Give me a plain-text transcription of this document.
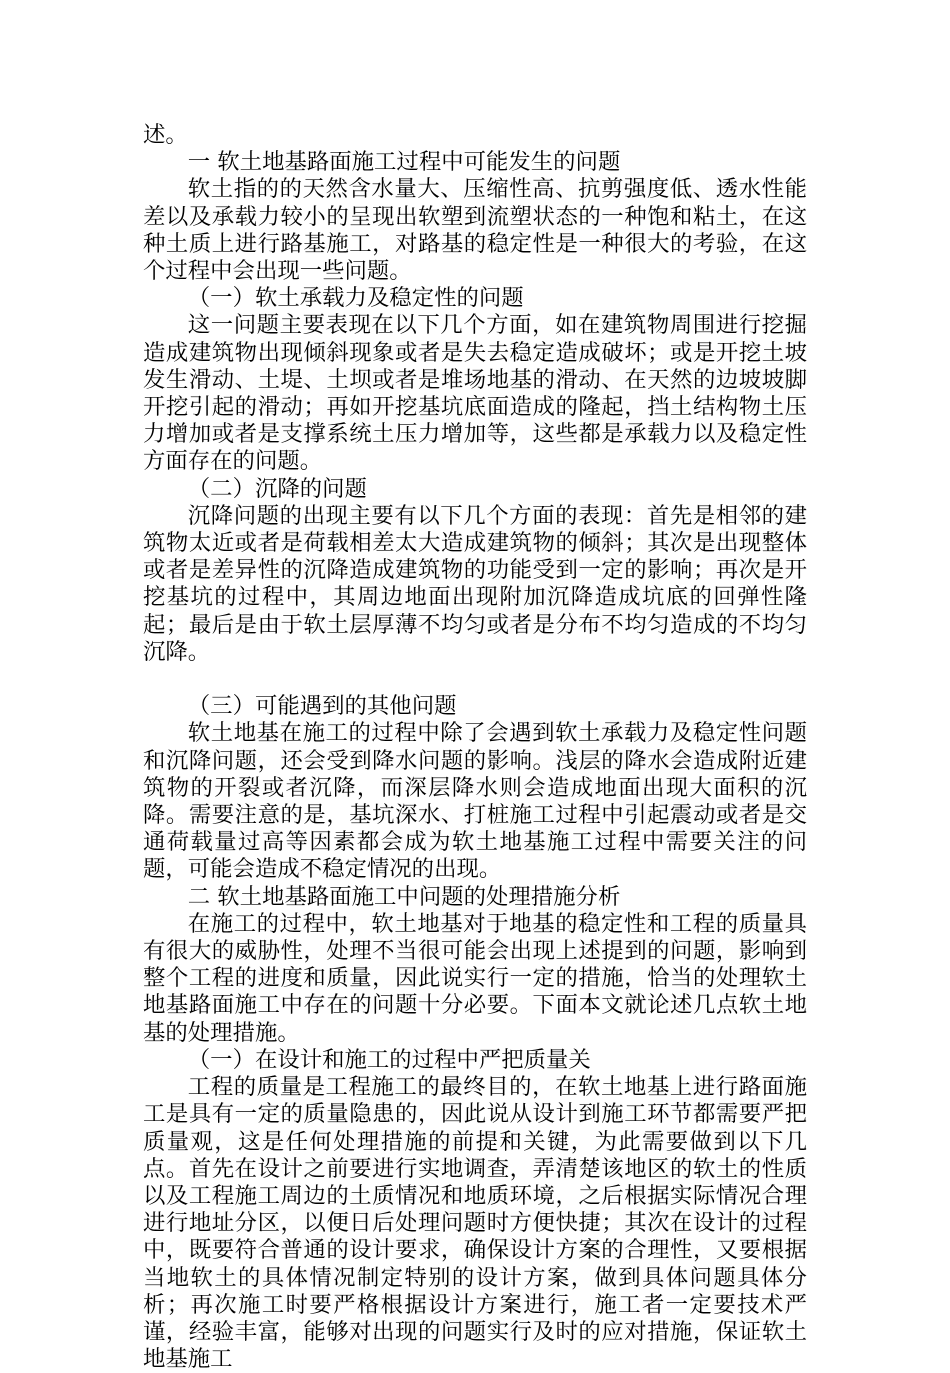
述。

一 软土地基路面施工过程中可能发生的问题

软土指的的天然含水量大、压缩性高、抗剪强度低、透水性能差以及承载力较小的呈现出软塑到流塑状态的一种饱和粘土，在这种土质上进行路基施工，对路基的稳定性是一种很大的考验，在这个过程中会出现一些问题。

（一）软土承载力及稳定性的问题

这一问题主要表现在以下几个方面，如在建筑物周围进行挖掘造成建筑物出现倾斜现象或者是失去稳定造成破坏；或是开挖土坡发生滑动、土堤、土坝或者是堆场地基的滑动、在天然的边坡坡脚开挖引起的滑动；再如开挖基坑底面造成的隆起，挡土结构物土压力增加或者是支撑系统土压力增加等，这些都是承载力以及稳定性方面存在的问题。

（二）沉降的问题

沉降问题的出现主要有以下几个方面的表现：首先是相邻的建筑物太近或者是荷载相差太大造成建筑物的倾斜；其次是出现整体或者是差异性的沉降造成建筑物的功能受到一定的影响；再次是开挖基坑的过程中，其周边地面出现附加沉降造成坑底的回弹性隆起；最后是由于软土层厚薄不均匀或者是分布不均匀造成的不均匀沉降。

（三）可能遇到的其他问题

软土地基在施工的过程中除了会遇到软土承载力及稳定性问题和沉降问题，还会受到降水问题的影响。浅层的降水会造成附近建筑物的开裂或者沉降，而深层降水则会造成地面出现大面积的沉降。需要注意的是，基坑深水、打桩施工过程中引起震动或者是交通荷载量过高等因素都会成为软土地基施工过程中需要关注的问题，可能会造成不稳定情况的出现。

二 软土地基路面施工中问题的处理措施分析

在施工的过程中，软土地基对于地基的稳定性和工程的质量具有很大的威胁性，处理不当很可能会出现上述提到的问题，影响到整个工程的进度和质量，因此说实行一定的措施，恰当的处理软土地基路面施工中存在的问题十分必要。下面本文就论述几点软土地基的处理措施。

（一）在设计和施工的过程中严把质量关

工程的质量是工程施工的最终目的，在软土地基上进行路面施工是具有一定的质量隐患的，因此说从设计到施工环节都需要严把质量观，这是任何处理措施的前提和关键，为此需要做到以下几点。首先在设计之前要进行实地调查，弄清楚该地区的软土的性质以及工程施工周边的土质情况和地质环境，之后根据实际情况合理进行地址分区，以便日后处理问题时方便快捷；其次在设计的过程中，既要符合普通的设计要求，确保设计方案的合理性，又要根据当地软土的具体情况制定特别的设计方案，做到具体问题具体分析；再次施工时要严格根据设计方案进行，施工者一定要技术严谨，经验丰富，能够对出现的问题实行及时的应对措施，保证软土地基施工
